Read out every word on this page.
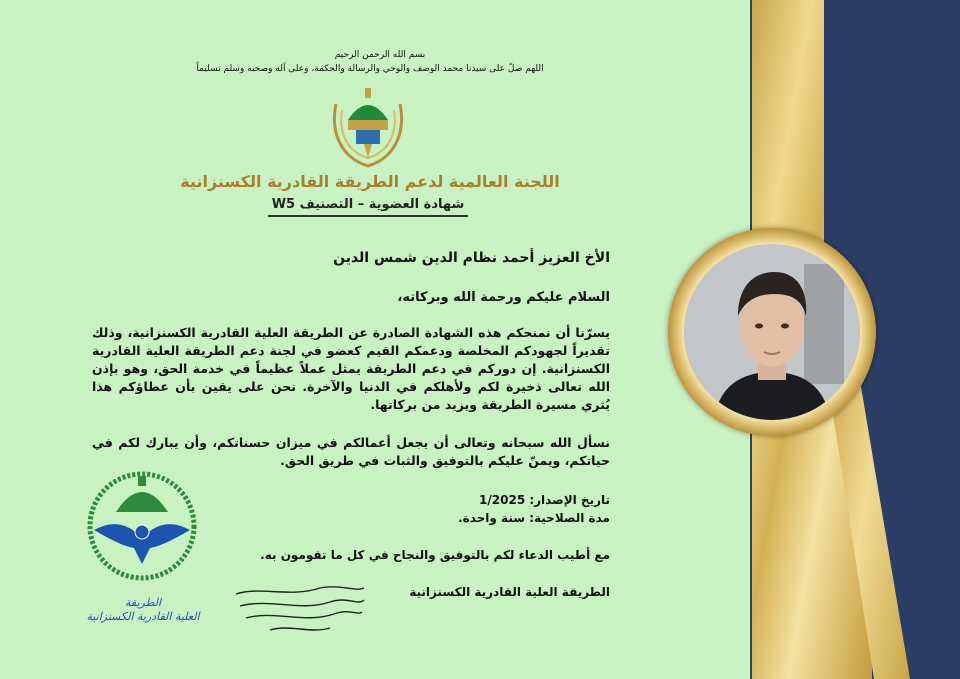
بسم الله الرحمن الرحيم
اللهم صلّ على سيدنا محمد الوصف والوحي والرسالة والحكمة، وعلى آله وصحبه وسلم تسليماً
اللجنة العالمية لدعم الطريقة القادرية الكسنزانية
شهادة العضوية – التصنيف W5
الأخ العزيز أحمد نظام الدين شمس الدين
السلام عليكم ورحمة الله وبركاته،
يسرّنا أن نمنحكم هذه الشهادة الصادرة عن الطريقة العلية القادرية الكسنزانية، وذلك تقديراً لجهودكم المخلصة ودعمكم القيم كعضو في لجنة دعم الطريقة العلية القادرية الكسنزانية. إن دوركم في دعم الطريقة يمثل عملاً عظيماً في خدمة الحق، وهو بإذن الله تعالى ذخيرة لكم ولأهلكم في الدنيا والآخرة. نحن على يقين بأن عطاؤكم هذا يُثري مسيرة الطريقة ويزيد من بركاتها.
نسأل الله سبحانه وتعالى أن يجعل أعمالكم في ميزان حسناتكم، وأن يبارك لكم في حياتكم، ويمنّ عليكم بالتوفيق والثبات في طريق الحق.
تاريخ الإصدار: 1/2025
مدة الصلاحية: سنة واحدة.
مع أطيب الدعاء لكم بالتوفيق والنجاح في كل ما تقومون به.
الطريقة العلية القادرية الكسنزانية
الطريقة
العلية القادرية الكسنزانية
